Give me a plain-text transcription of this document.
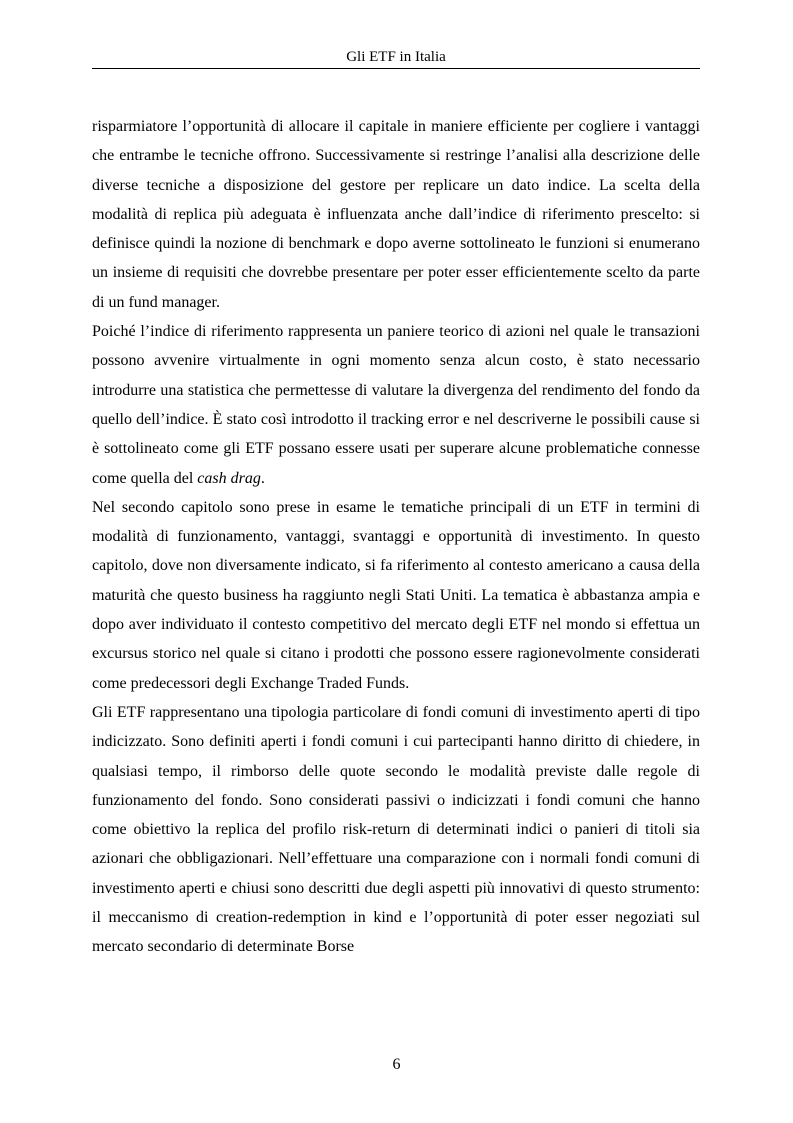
Gli ETF in Italia

risparmiatore l’opportunità di allocare il capitale in maniere efficiente per cogliere i vantaggi che entrambe le tecniche offrono. Successivamente si restringe l’analisi alla descrizione delle diverse tecniche a disposizione del gestore per replicare un dato indice. La scelta della modalità di replica più adeguata è influenzata anche dall’indice di riferimento prescelto: si definisce quindi la nozione di benchmark e dopo averne sottolineato le funzioni si enumerano un insieme di requisiti che dovrebbe presentare per poter esser efficientemente scelto da parte di un fund manager.

Poiché l’indice di riferimento rappresenta un paniere teorico di azioni nel quale le transazioni possono avvenire virtualmente in ogni momento senza alcun costo, è stato necessario introdurre una statistica che permettesse di valutare la divergenza del rendimento del fondo da quello dell’indice. È stato così introdotto il tracking error e nel descriverne le possibili cause si è sottolineato come gli ETF possano essere usati per superare alcune problematiche connesse come quella del cash drag.

Nel secondo capitolo sono prese in esame le tematiche principali di un ETF in termini di modalità di funzionamento, vantaggi, svantaggi e opportunità di investimento. In questo capitolo, dove non diversamente indicato, si fa riferimento al contesto americano a causa della maturità che questo business ha raggiunto negli Stati Uniti. La tematica è abbastanza ampia e dopo aver individuato il contesto competitivo del mercato degli ETF nel mondo si effettua un excursus storico nel quale si citano i prodotti che possono essere ragionevolmente considerati come predecessori degli Exchange Traded Funds.

Gli ETF rappresentano una tipologia particolare di fondi comuni di investimento aperti di tipo indicizzato. Sono definiti aperti i fondi comuni i cui partecipanti hanno diritto di chiedere, in qualsiasi tempo, il rimborso delle quote secondo le modalità previste dalle regole di funzionamento del fondo. Sono considerati passivi o indicizzati i fondi comuni che hanno come obiettivo la replica del profilo risk-return di determinati indici o panieri di titoli sia azionari che obbligazionari. Nell’effettuare una comparazione con i normali fondi comuni di investimento aperti e chiusi sono descritti due degli aspetti più innovativi di questo strumento: il meccanismo di creation-redemption in kind e l’opportunità di poter esser negoziati sul mercato secondario di determinate Borse

6
